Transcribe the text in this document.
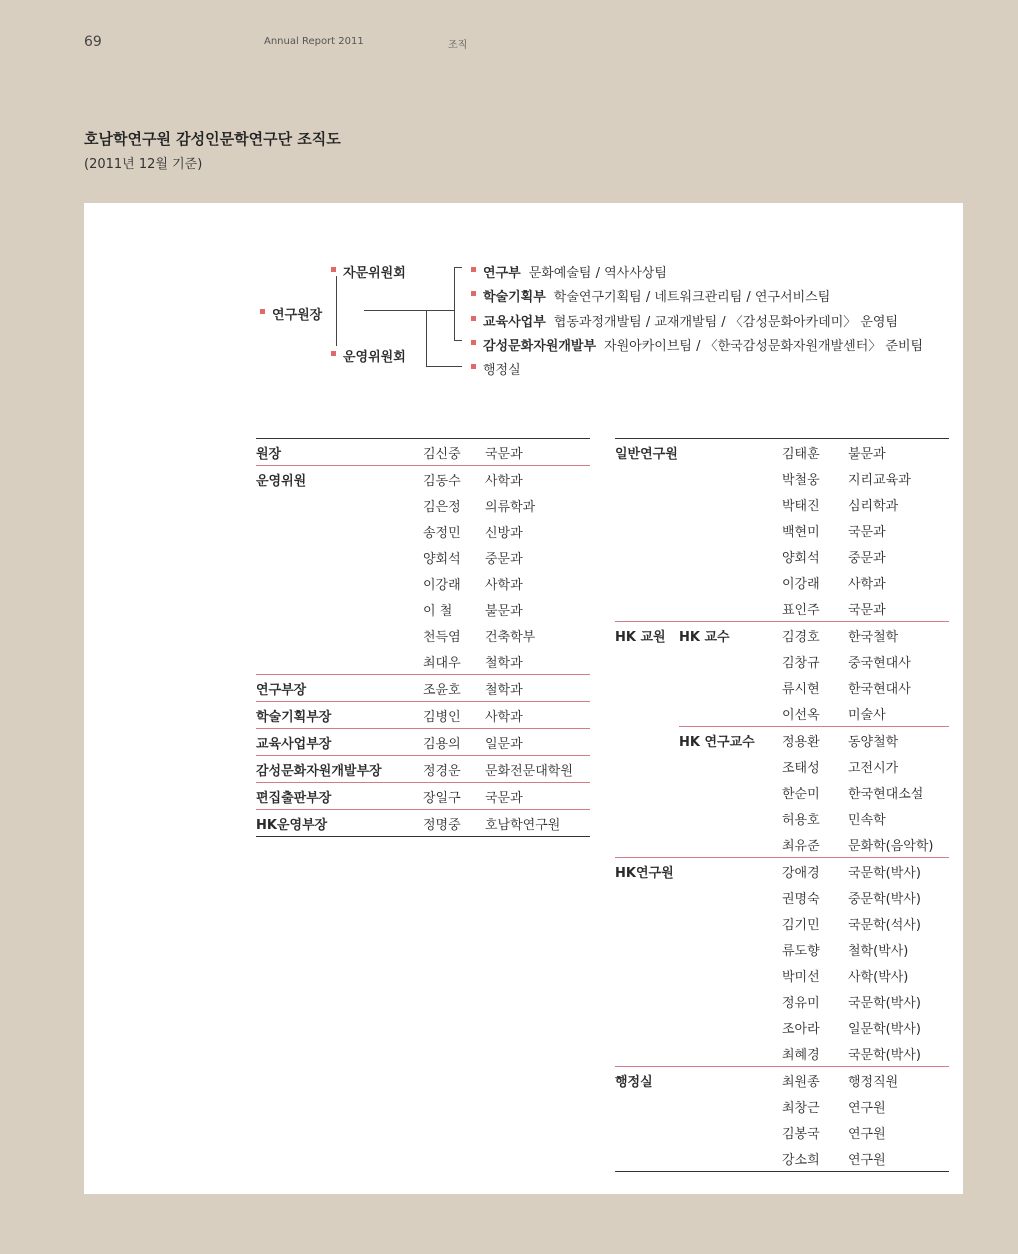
69	Annual Report 2011	조직
호남학연구원 감성인문학연구단 조직도
(2011년 12월 기준)
연구원장
자문위원회
운영위원회
연구부 문화예술팀 / 역사사상팀
학술기획부 학술연구기획팀 / 네트워크관리팀 / 연구서비스팀
교육사업부 협동과정개발팀 / 교재개발팀 / 〈감성문화아카데미〉 운영팀
감성문화자원개발부 자원아카이브팀 / 〈한국감성문화자원개발센터〉 준비팀
행정실
원장	김신중	국문과
운영위원	김동수	사학과
	김은정	의류학과
	송정민	신방과
	양회석	중문과
	이강래	사학과
	이 철	불문과
	천득염	건축학부
	최대우	철학과
연구부장	조윤호	철학과
학술기획부장	김병인	사학과
교육사업부장	김용의	일문과
감성문화자원개발부장	정경운	문화전문대학원
편집출판부장	장일구	국문과
HK운영부장	정명중	호남학연구원
일반연구원		김태훈	불문과
		박철웅	지리교육과
		박태진	심리학과
		백현미	국문과
		양회석	중문과
		이강래	사학과
		표인주	국문과
HK 교원	HK 교수	김경호	한국철학
		김창규	중국현대사
		류시현	한국현대사
		이선옥	미술사
	HK 연구교수	정용환	동양철학
		조태성	고전시가
		한순미	한국현대소설
		허용호	민속학
		최유준	문화학(음악학)
HK연구원		강애경	국문학(박사)
		권명숙	중문학(박사)
		김기민	국문학(석사)
		류도향	철학(박사)
		박미선	사학(박사)
		정유미	국문학(박사)
		조아라	일문학(박사)
		최혜경	국문학(박사)
행정실		최원종	행정직원
		최창근	연구원
		김봉국	연구원
		강소희	연구원
